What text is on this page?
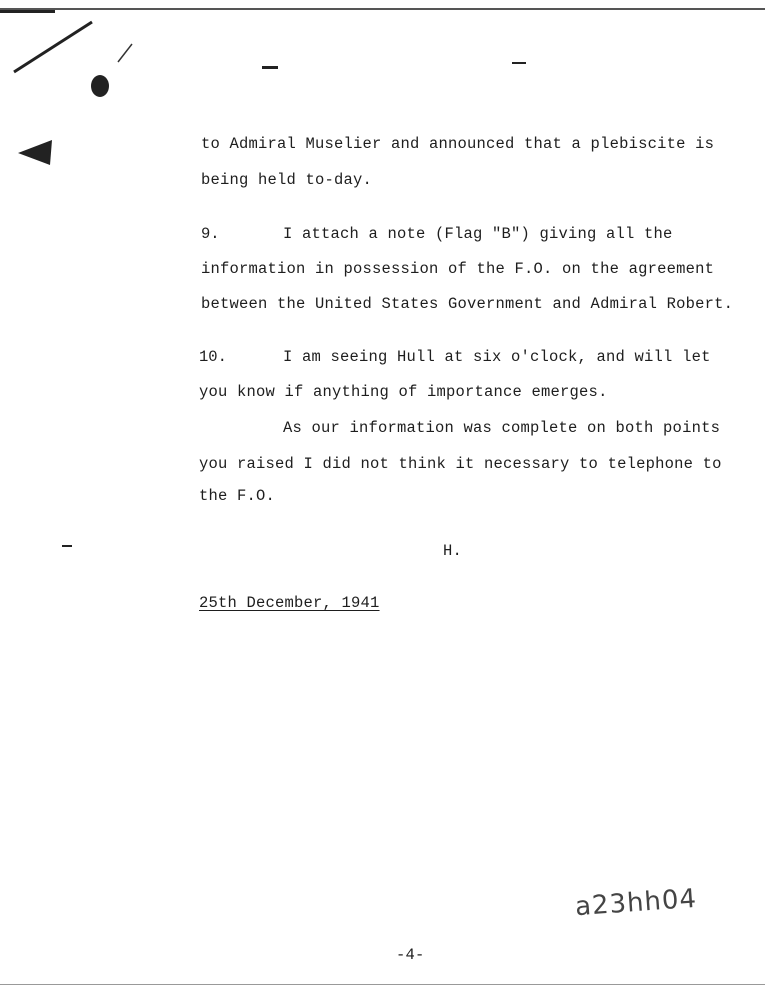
to Admiral Muselier and announced that a plebiscite is
being held to-day.
9.	I attach a note (Flag "B") giving all the
information in possession of the F.O. on the agreement
between the United States Government and Admiral Robert.
10.	I am seeing Hull at six o'clock, and will let
you know if anything of importance emerges.
As our information was complete on both points
you raised I did not think it necessary to telephone to
the F.O.
H.
25th December, 1941
a23hh04
-4-
